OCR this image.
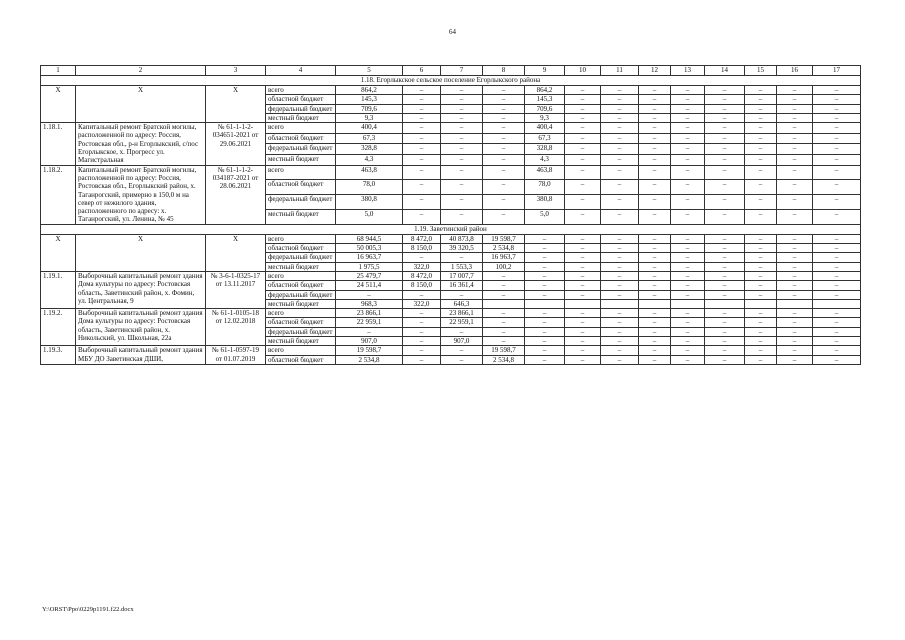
64
1	2	3	4	5	6	7	8	9	10	11	12	13	14	15	16	17
1.18. Егорлыкское сельское поселение Егорлыкского района																
X	X	X	всего	864,2	–	–	–	864,2	–	–	–	–	–	–	–	–
			областной бюджет	145,3	–	–	–	145,3	–	–	–	–	–	–	–	–
			федеральный бюджет	709,6	–	–	–	709,6	–	–	–	–	–	–	–	–
			местный бюджет	9,3	–	–	–	9,3	–	–	–	–	–	–	–	–
1.18.1.	Капитальный ремонт Братской могилы, расположенной по адресу: Россия, Ростовская обл., р-н Егорлыкский, с/пос Егорлыкское, х. Прогресс ул. Магистральная	№ 61-1-1-2-034651-2021 от 29.06.2021	всего	400,4	–	–	–	400,4	–	–	–	–	–	–	–	–
			областной бюджет	67,3	–	–	–	67,3	–	–	–	–	–	–	–	–
			федеральный бюджет	328,8	–	–	–	328,8	–	–	–	–	–	–	–	–
			местный бюджет	4,3	–	–	–	4,3	–	–	–	–	–	–	–	–
1.18.2.	Капитальный ремонт Братской могилы, расположенной по адресу: Россия, Ростовская обл., Егорлыкский район, х. Таганрогский, примерно в 150,0 м на север от нежилого здания, расположенного по адресу: х. Таганрогский, ул. Ленина, № 45	№ 61-1-1-2-034187-2021 от 28.06.2021	всего	463,8	–	–	–	463,8	–	–	–	–	–	–	–	–
			областной бюджет	78,0	–	–	–	78,0	–	–	–	–	–	–	–	–
			федеральный бюджет	380,8	–	–	–	380,8	–	–	–	–	–	–	–	–
			местный бюджет	5,0	–	–	–	5,0	–	–	–	–	–	–	–	–
1.19. Заветинский район																
X	X	X	всего	68 944,5	8 472,0	40 873,8	19 598,7	–	–	–	–	–	–	–	–	–
			областной бюджет	50 005,3	8 150,0	39 320,5	2 534,8	–	–	–	–	–	–	–	–	–
			федеральный бюджет	16 963,7	–	–	16 963,7	–	–	–	–	–	–	–	–	–
			местный бюджет	1 975,5	322,0	1 553,3	100,2	–	–	–	–	–	–	–	–	–
1.19.1.	Выборочный капитальный ремонт здания Дома культуры по адресу: Ростовская область, Заветинский район, х. Фомин, ул. Центральная, 9	№ 3-6-1-0325-17 от 13.11.2017	всего	25 479,7	8 472,0	17 007,7	–	–	–	–	–	–	–	–	–	–
			областной бюджет	24 511,4	8 150,0	16 361,4	–	–	–	–	–	–	–	–	–	–
			федеральный бюджет	–	–	–	–	–	–	–	–	–	–	–	–	–
			местный бюджет	968,3	322,0	646,3										
1.19.2.	Выборочный капитальный ремонт здания Дома культуры по адресу: Ростовская область, Заветинский район, х. Никольский, ул. Школьная, 22а	№ 61-1-0105-18 от 12.02.2018	всего	23 866,1	–	23 866,1	–	–	–	–	–	–	–	–	–	–
			областной бюджет	22 959,1	–	22 959,1	–	–	–	–	–	–	–	–	–	–
			федеральный бюджет	–	–	–	–	–	–	–	–	–	–	–	–	–
			местный бюджет	907,0	–	907,0	–	–	–	–	–	–	–	–	–	–
1.19.3.	Выборочный капитальный ремонт здания МБУ ДО Заветинская ДШИ,	№ 61-1-0597-19 от 01.07.2019	всего	19 598,7	–	–	19 598,7	–	–	–	–	–	–	–	–	–
			областной бюджет	2 534,8	–	–	2 534,8	–	–	–	–	–	–	–	–	–
Y:\ORST\Ppo\0229p1191.f22.docx
